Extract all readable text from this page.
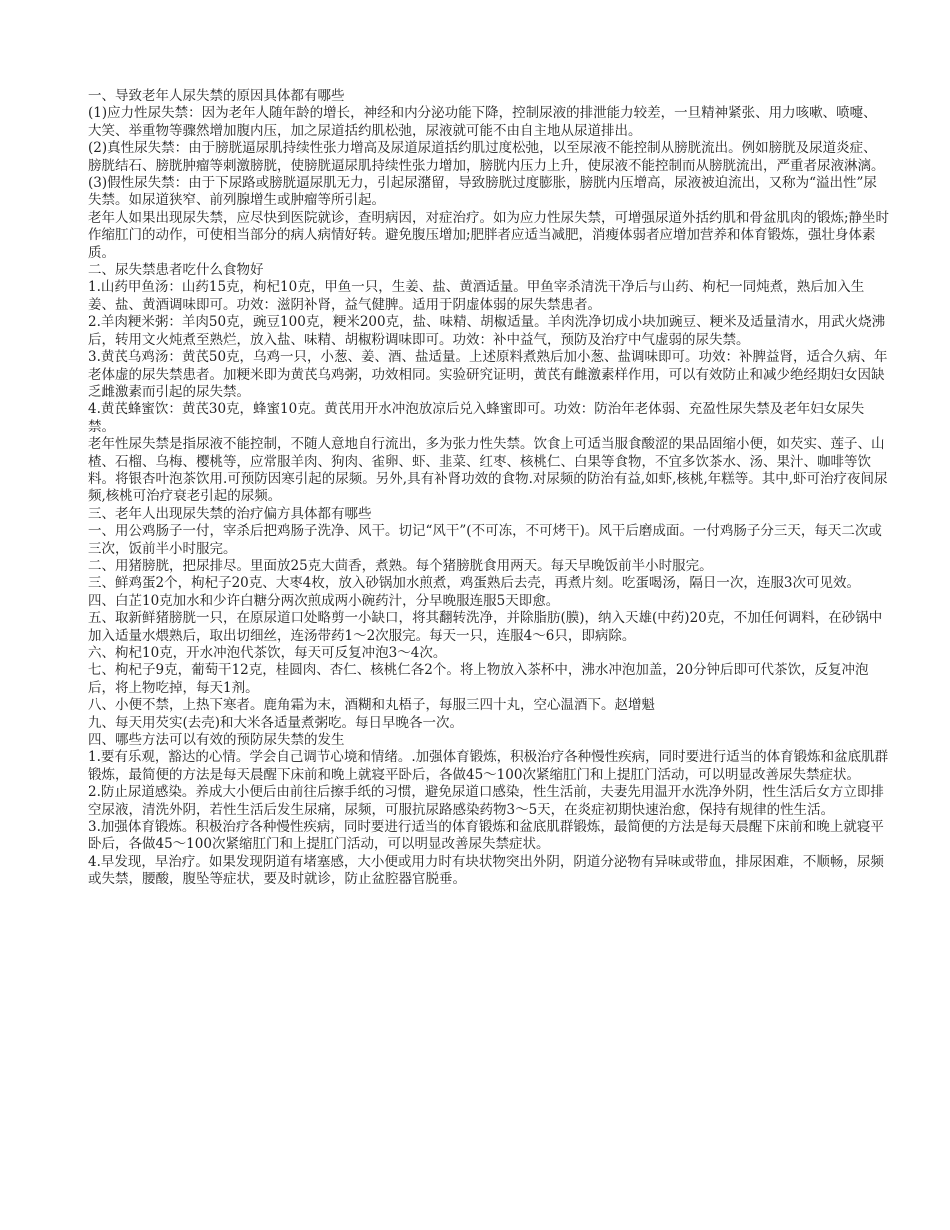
一、导致老年人尿失禁的原因具体都有哪些

(1)应力性尿失禁：因为老年人随年龄的增长，神经和内分泌功能下降，控制尿液的排泄能力较差，一旦精神紧张、用力咳嗽、喷嚏、大笑、举重物等骤然增加腹内压，加之尿道括约肌松弛，尿液就可能不由自主地从尿道排出。

(2)真性尿失禁：由于膀胱逼尿肌持续性张力增高及尿道尿道括约肌过度松弛，以至尿液不能控制从膀胱流出。例如膀胱及尿道炎症、膀胱结石、膀胱肿瘤等刺激膀胱，使膀胱逼尿肌持续性张力增加，膀胱内压力上升，使尿液不能控制而从膀胱流出，严重者尿液淋漓。

(3)假性尿失禁：由于下尿路或膀胱逼尿肌无力，引起尿潴留，导致膀胱过度膨胀，膀胱内压增高，尿液被迫流出，又称为“溢出性”尿失禁。如尿道狭窄、前列腺增生或肿瘤等所引起。

老年人如果出现尿失禁，应尽快到医院就诊，查明病因，对症治疗。如为应力性尿失禁，可增强尿道外括约肌和骨盆肌肉的锻炼;静坐时作缩肛门的动作，可使相当部分的病人病情好转。避免腹压增加;肥胖者应适当减肥，消瘦体弱者应增加营养和体育锻炼，强壮身体素质。

二、尿失禁患者吃什么食物好

1.山药甲鱼汤：山药15克，枸杞10克，甲鱼一只，生姜、盐、黄酒适量。甲鱼宰杀清洗干净后与山药、枸杞一同炖煮，熟后加入生姜、盐、黄酒调味即可。功效：滋阴补肾，益气健脾。适用于阴虚体弱的尿失禁患者。

2.羊肉粳米粥：羊肉50克，豌豆100克，粳米200克，盐、味精、胡椒适量。羊肉洗净切成小块加豌豆、粳米及适量清水，用武火烧沸后，转用文火炖煮至熟烂，放入盐、味精、胡椒粉调味即可。功效：补中益气，预防及治疗中气虚弱的尿失禁。

3.黄芪乌鸡汤：黄芪50克，乌鸡一只，小葱、姜、酒、盐适量。上述原料煮熟后加小葱、盐调味即可。功效：补脾益肾，适合久病、年老体虚的尿失禁患者。加粳米即为黄芪乌鸡粥，功效相同。实验研究证明，黄芪有雌激素样作用，可以有效防止和减少绝经期妇女因缺乏雌激素而引起的尿失禁。

4.黄芪蜂蜜饮：黄芪30克，蜂蜜10克。黄芪用开水冲泡放凉后兑入蜂蜜即可。功效：防治年老体弱、充盈性尿失禁及老年妇女尿失禁。

老年性尿失禁是指尿液不能控制，不随人意地自行流出，多为张力性失禁。饮食上可适当服食酸涩的果品固缩小便，如芡实、莲子、山楂、石榴、乌梅、樱桃等，应常服羊肉、狗肉、雀卵、虾、韭菜、红枣、核桃仁、白果等食物，不宜多饮茶水、汤、果汁、咖啡等饮料。将银杏叶泡茶饮用.可预防因寒引起的尿频。另外,具有补肾功效的食物.对尿频的防治有益,如虾,核桃,年糕等。其中,虾可治疗夜间尿频,核桃可治疗衰老引起的尿频。

三、老年人出现尿失禁的治疗偏方具体都有哪些

一、用公鸡肠子一付，宰杀后把鸡肠子洗净、风干。切记“风干”(不可冻，不可烤干)。风干后磨成面。一付鸡肠子分三天，每天二次或三次，饭前半小时服完。

二、用猪膀胱，把尿排尽。里面放25克大茴香，煮熟。每个猪膀胱食用两天。每天早晚饭前半小时服完。

三、鲜鸡蛋2个，枸杞子20克、大枣4枚，放入砂锅加水煎煮，鸡蛋熟后去壳，再煮片刻。吃蛋喝汤，隔日一次，连服3次可见效。

四、白芷10克加水和少许白糖分两次煎成两小碗药汁，分早晚服连服5天即愈。

五、取新鲜猪膀胱一只，在原尿道口处略剪一小缺口，将其翻转洗净，并除脂肪(膜)，纳入天雄(中药)20克，不加任何调料，在砂锅中加入适量水煨熟后，取出切细丝，连汤带药1～2次服完。每天一只，连服4～6只，即病除。

六、枸杞10克，开水冲泡代茶饮，每天可反复冲泡3～4次。

七、枸杞子9克，葡萄干12克，桂圆肉、杏仁、核桃仁各2个。将上物放入茶杯中，沸水冲泡加盖，20分钟后即可代茶饮，反复冲泡后，将上物吃掉，每天1剂。

八、小便不禁，上热下寒者。鹿角霜为末，酒糊和丸梧子，每服三四十丸，空心温酒下。赵增魁

九、每天用芡实(去壳)和大米各适量煮粥吃。每日早晚各一次。

四、哪些方法可以有效的预防尿失禁的发生

1.要有乐观，豁达的心情。学会自己调节心境和情绪。.加强体育锻炼，积极治疗各种慢性疾病，同时要进行适当的体育锻炼和盆底肌群锻炼，最简便的方法是每天晨醒下床前和晚上就寝平卧后，各做45～100次紧缩肛门和上提肛门活动，可以明显改善尿失禁症状。

2.防止尿道感染。养成大小便后由前往后擦手纸的习惯，避免尿道口感染，性生活前，夫妻先用温开水洗净外阴，性生活后女方立即排空尿液，清洗外阴，若性生活后发生尿痛，尿频，可服抗尿路感染药物3～5天，在炎症初期快速治愈，保持有规律的性生活。

3.加强体育锻炼。积极治疗各种慢性疾病，同时要进行适当的体育锻炼和盆底肌群锻炼，最简便的方法是每天晨醒下床前和晚上就寝平卧后，各做45～100次紧缩肛门和上提肛门活动，可以明显改善尿失禁症状。

4.早发现，早治疗。如果发现阴道有堵塞感，大小便或用力时有块状物突出外阴，阴道分泌物有异味或带血，排尿困难，不顺畅，尿频或失禁，腰酸，腹坠等症状，要及时就诊，防止盆腔器官脱垂。
